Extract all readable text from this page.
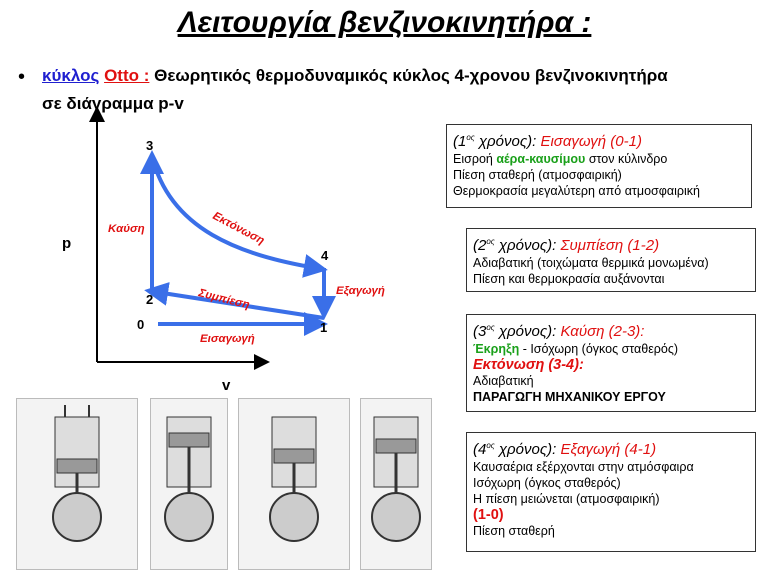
Λειτουργία βενζινοκινητήρα :
• κύκλος Otto : Θεωρητικός θερμοδυναμικός κύκλος 4-χρονου βενζινοκινητήρα
σε διάγραμμα p-v
p
v
0	1
2
3
4
Εισαγωγή
Συμπίεση
Καύση	Εκτόνωση
Εξαγωγή
($1^{o\varsigma}$ χρόνος): Εισαγωγή (0-1)
Εισροή αέρα-καυσίμου στον κύλινδρο
Πίεση σταθερή (ατμοσφαιρική)
Θερμοκρασία μεγαλύτερη από ατμοσφαιρική
($2^{o\varsigma}$ χρόνος): Συμπίεση (1-2)
Αδιαβατική (τοιχώματα θερμικά μονωμένα)
Πίεση και θερμοκρασία αυξάνονται
($3^{o\varsigma}$ χρόνος): Καύση (2-3):
Έκρηξη - Ισόχωρη (όγκος σταθερός)
Εκτόνωση (3-4):
Αδιαβατική
ΠΑΡΑΓΩΓΗ ΜΗΧΑΝΙΚΟΥ ΕΡΓΟΥ
($4^{o\varsigma}$ χρόνος): Εξαγωγή (4-1)
Καυσαέρια εξέρχονται στην ατμόσφαιρα
Ισόχωρη (όγκος σταθερός)
Η πίεση μειώνεται (ατμοσφαιρική)
(1-0)
Πίεση σταθερή
